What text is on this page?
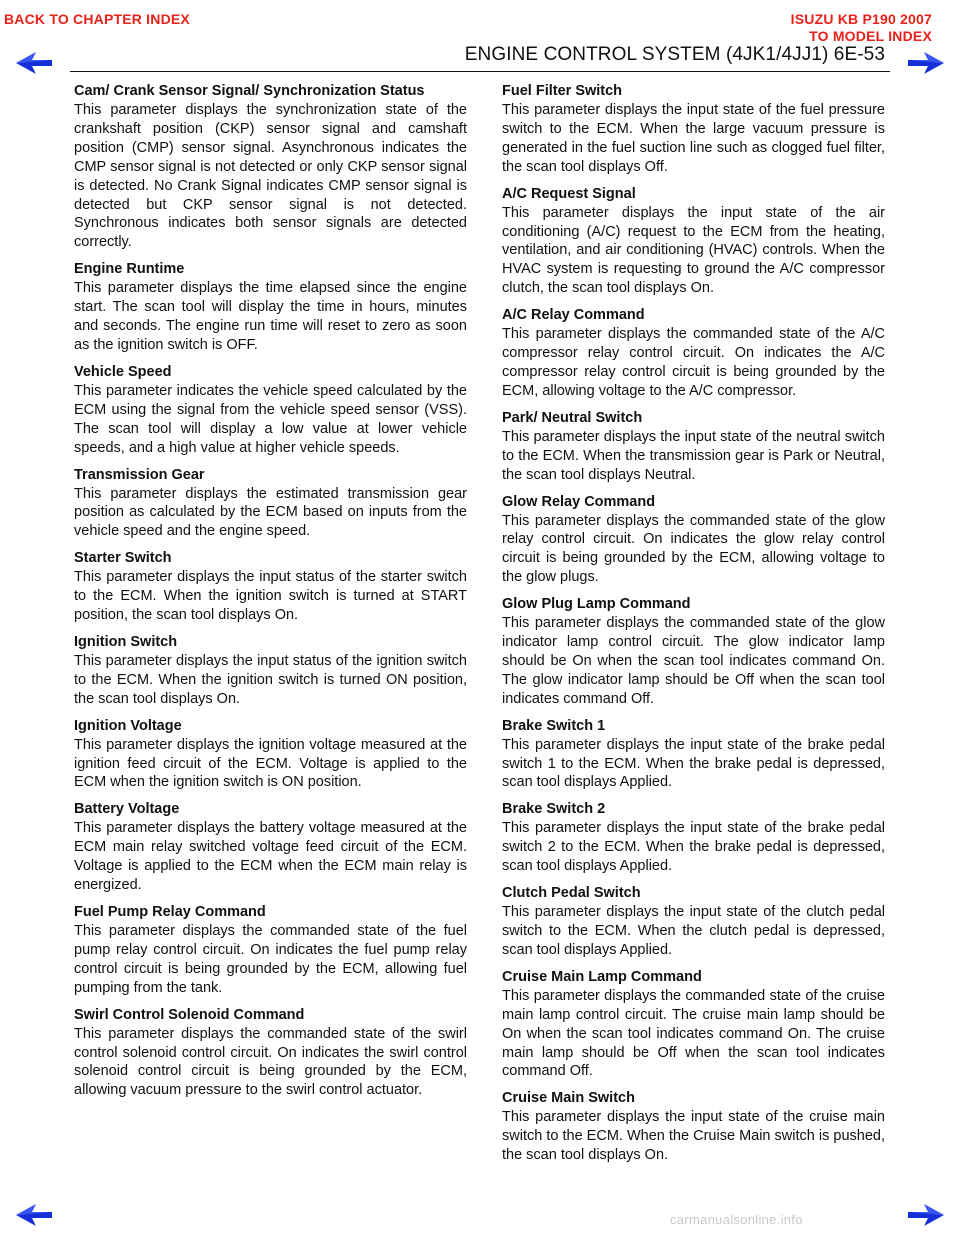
BACK TO CHAPTER INDEX	ISUZU KB P190 2007
TO MODEL INDEX
ENGINE CONTROL SYSTEM (4JK1/4JJ1) 6E-53
Cam/ Crank Sensor Signal/ Synchronization Status

This parameter displays the synchronization state of the crankshaft position (CKP) sensor signal and camshaft position (CMP) sensor signal. Asynchronous indicates the CMP sensor signal is not detected or only CKP sensor signal is detected. No Crank Signal indicates CMP sensor signal is detected but CKP sensor signal is not detected. Synchronous indicates both sensor signals are detected correctly.

Engine Runtime

This parameter displays the time elapsed since the engine start. The scan tool will display the time in hours, minutes and seconds. The engine run time will reset to zero as soon as the ignition switch is OFF.

Vehicle Speed

This parameter indicates the vehicle speed calculated by the ECM using the signal from the vehicle speed sensor (VSS). The scan tool will display a low value at lower vehicle speeds, and a high value at higher vehicle speeds.

Transmission Gear

This parameter displays the estimated transmission gear position as calculated by the ECM based on inputs from the vehicle speed and the engine speed.

Starter Switch

This parameter displays the input status of the starter switch to the ECM. When the ignition switch is turned at START position, the scan tool displays On.

Ignition Switch

This parameter displays the input status of the ignition switch to the ECM. When the ignition switch is turned ON position, the scan tool displays On.

Ignition Voltage

This parameter displays the ignition voltage measured at the ignition feed circuit of the ECM. Voltage is applied to the ECM when the ignition switch is ON position.

Battery Voltage

This parameter displays the battery voltage measured at the ECM main relay switched voltage feed circuit of the ECM. Voltage is applied to the ECM when the ECM main relay is energized.

Fuel Pump Relay Command

This parameter displays the commanded state of the fuel pump relay control circuit. On indicates the fuel pump relay control circuit is being grounded by the ECM, allowing fuel pumping from the tank.

Swirl Control Solenoid Command

This parameter displays the commanded state of the swirl control solenoid control circuit. On indicates the swirl control solenoid control circuit is being grounded by the ECM, allowing vacuum pressure to the swirl control actuator.

Fuel Filter Switch

This parameter displays the input state of the fuel pressure switch to the ECM. When the large vacuum pressure is generated in the fuel suction line such as clogged fuel filter, the scan tool displays Off.

A/C Request Signal

This parameter displays the input state of the air conditioning (A/C) request to the ECM from the heating, ventilation, and air conditioning (HVAC) controls. When the HVAC system is requesting to ground the A/C compressor clutch, the scan tool displays On.

A/C Relay Command

This parameter displays the commanded state of the A/C compressor relay control circuit. On indicates the A/C compressor relay control circuit is being grounded by the ECM, allowing voltage to the A/C compressor.

Park/ Neutral Switch

This parameter displays the input state of the neutral switch to the ECM. When the transmission gear is Park or Neutral, the scan tool displays Neutral.

Glow Relay Command

This parameter displays the commanded state of the glow relay control circuit. On indicates the glow relay control circuit is being grounded by the ECM, allowing voltage to the glow plugs.

Glow Plug Lamp Command

This parameter displays the commanded state of the glow indicator lamp control circuit. The glow indicator lamp should be On when the scan tool indicates command On. The glow indicator lamp should be Off when the scan tool indicates command Off.

Brake Switch 1

This parameter displays the input state of the brake pedal switch 1 to the ECM. When the brake pedal is depressed, scan tool displays Applied.

Brake Switch 2

This parameter displays the input state of the brake pedal switch 2 to the ECM. When the brake pedal is depressed, scan tool displays Applied.

Clutch Pedal Switch

This parameter displays the input state of the clutch pedal switch to the ECM. When the clutch pedal is depressed, scan tool displays Applied.

Cruise Main Lamp Command

This parameter displays the commanded state of the cruise main lamp control circuit. The cruise main lamp should be On when the scan tool indicates command On. The cruise main lamp should be Off when the scan tool indicates command Off.

Cruise Main Switch

This parameter displays the input state of the cruise main switch to the ECM. When the Cruise Main switch is pushed, the scan tool displays On.

carmanualsonline.info
